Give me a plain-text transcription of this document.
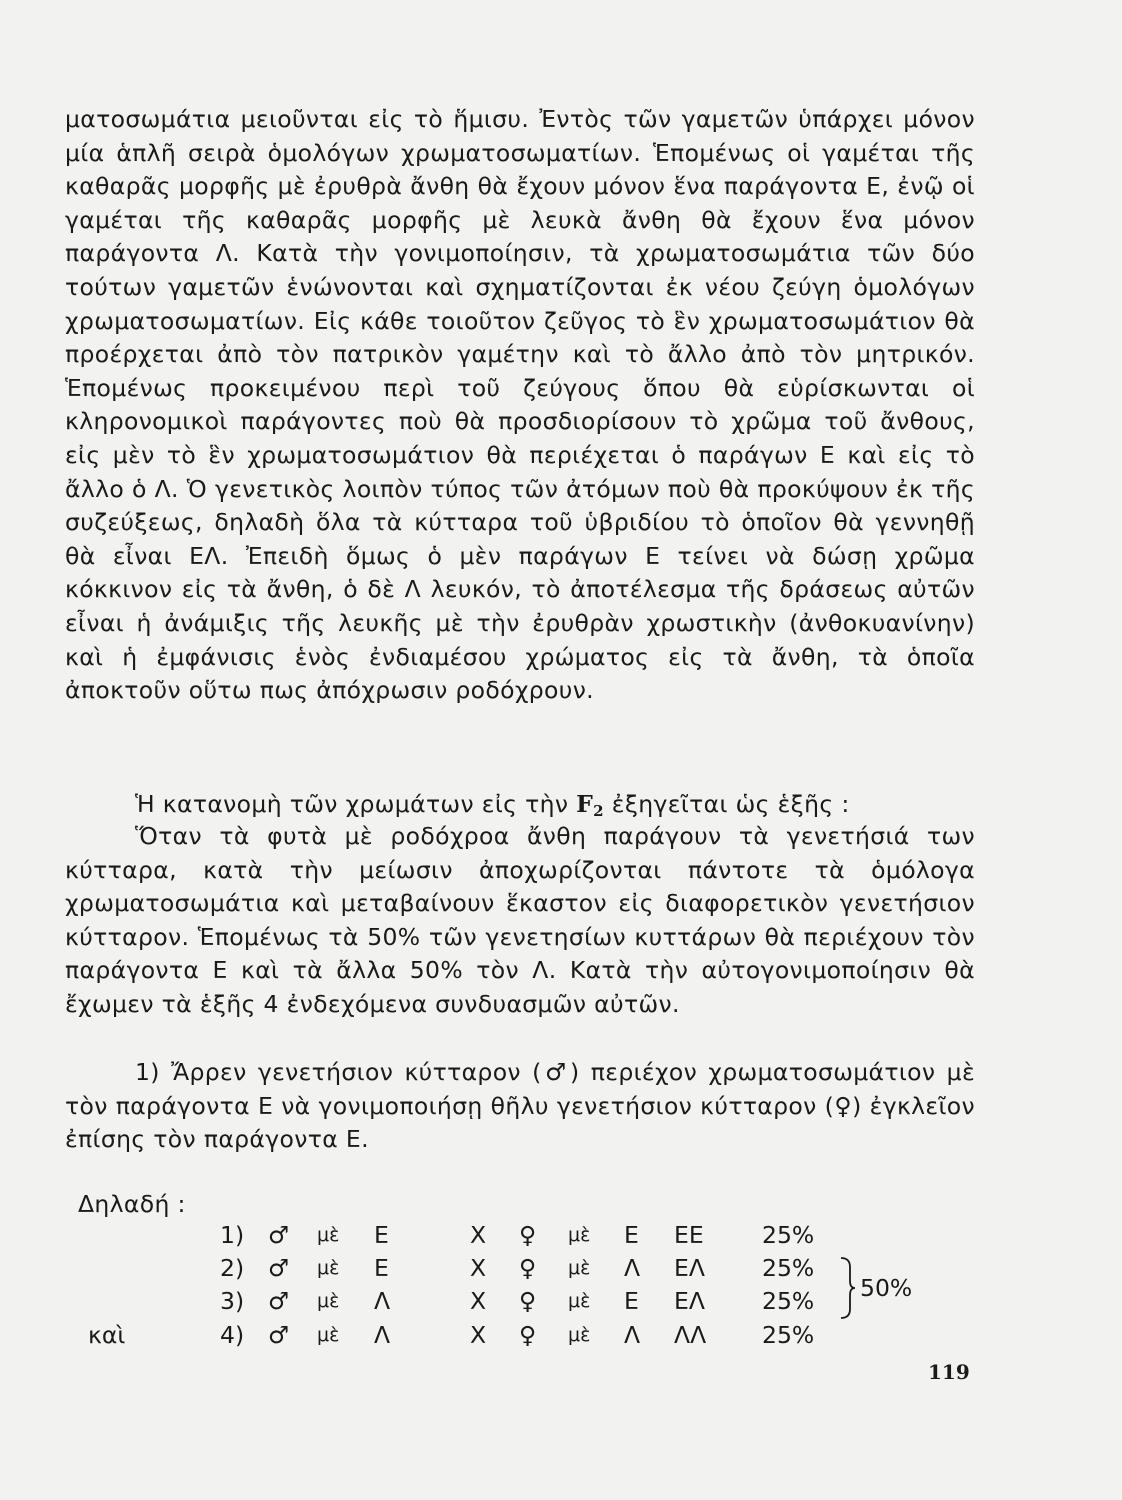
ματοσωμάτια μειοῦνται εἰς τὸ ἥμισυ. Ἐντὸς τῶν γαμετῶν ὑπάρχει μόνον μία ἁπλῆ σειρὰ ὁμολόγων χρωματοσωματίων. Ἑπομένως οἱ γαμέται τῆς καθαρᾶς μορφῆς μὲ ἐρυθρὰ ἄνθη θὰ ἔχουν μόνον ἕνα παράγοντα Ε, ἐνῷ οἱ γαμέται τῆς καθαρᾶς μορφῆς μὲ λευκὰ ἄνθη θὰ ἔχουν ἕνα μόνον παράγοντα Λ. Κατὰ τὴν γονιμοποίησιν, τὰ χρωματοσωμάτια τῶν δύο τούτων γαμετῶν ἑνώνονται καὶ σχηματίζονται ἐκ νέου ζεύγη ὁμολόγων χρωματοσωματίων. Εἰς κάθε τοιοῦτον ζεῦγος τὸ ἓν χρωματοσωμάτιον θὰ προέρχεται ἀπὸ τὸν πατρικὸν γαμέτην καὶ τὸ ἄλλο ἀπὸ τὸν μητρικόν. Ἑπομένως προκειμένου περὶ τοῦ ζεύγους ὅπου θὰ εὑρίσκωνται οἱ κληρονομικοὶ παράγοντες ποὺ θὰ προσδιορίσουν τὸ χρῶμα τοῦ ἄνθους, εἰς μὲν τὸ ἓν χρωματοσωμάτιον θὰ περιέχεται ὁ παράγων Ε καὶ εἰς τὸ ἄλλο ὁ Λ. Ὁ γενετικὸς λοιπὸν τύπος τῶν ἀτόμων ποὺ θὰ προκύψουν ἐκ τῆς συζεύξεως, δηλαδὴ ὅλα τὰ κύτταρα τοῦ ὑβριδίου τὸ ὁποῖον θὰ γεννηθῇ θὰ εἶναι ΕΛ. Ἐπειδὴ ὅμως ὁ μὲν παράγων Ε τείνει νὰ δώσῃ χρῶμα κόκκινον εἰς τὰ ἄνθη, ὁ δὲ Λ λευκόν, τὸ ἀποτέλεσμα τῆς δράσεως αὐτῶν εἶναι ἡ ἀνάμιξις τῆς λευκῆς μὲ τὴν ἐρυθρὰν χρωστικὴν (ἀνθοκυανίνην) καὶ ἡ ἐμφάνισις ἑνὸς ἐνδιαμέσου χρώματος εἰς τὰ ἄνθη, τὰ ὁποῖα ἀποκτοῦν οὕτω πως ἀπόχρωσιν ροδόχρουν.
Ἡ κατανομὴ τῶν χρωμάτων εἰς τὴν F2 ἐξηγεῖται ὡς ἑξῆς :
Ὅταν τὰ φυτὰ μὲ ροδόχροα ἄνθη παράγουν τὰ γενετήσιά των κύτταρα, κατὰ τὴν μείωσιν ἀποχωρίζονται πάντοτε τὰ ὁμόλογα χρωματοσωμάτια καὶ μεταβαίνουν ἕκαστον εἰς διαφορετικὸν γενετήσιον κύτταρον. Ἑπομένως τὰ 50% τῶν γενετησίων κυττάρων θὰ περιέχουν τὸν παράγοντα Ε καὶ τὰ ἄλλα 50% τὸν Λ. Κατὰ τὴν αὐτογονιμοποίησιν θὰ ἔχωμεν τὰ ἑξῆς 4 ἐνδεχόμενα συνδυασμῶν αὐτῶν.
1) Ἄρρεν γενετήσιον κύτταρον (♂) περιέχον χρωματοσωμάτιον μὲ τὸν παράγοντα Ε νὰ γονιμοποιήσῃ θῆλυ γενετήσιον κύτταρον (♀) ἐγκλεῖον ἐπίσης τὸν παράγοντα Ε.
Δηλαδή :
1) ♂ μὲ Ε	Χ ♀ μὲ Ε ΕΕ 25%
2) ♂ μὲ Ε	Χ ♀ μὲ Λ ΕΛ 25%
3) ♂ μὲ Λ	Χ ♀ μὲ Ε ΕΛ 25%
καὶ	4) ♂ μὲ Λ	Χ ♀ μὲ Λ ΛΛ 25%
50%
119
